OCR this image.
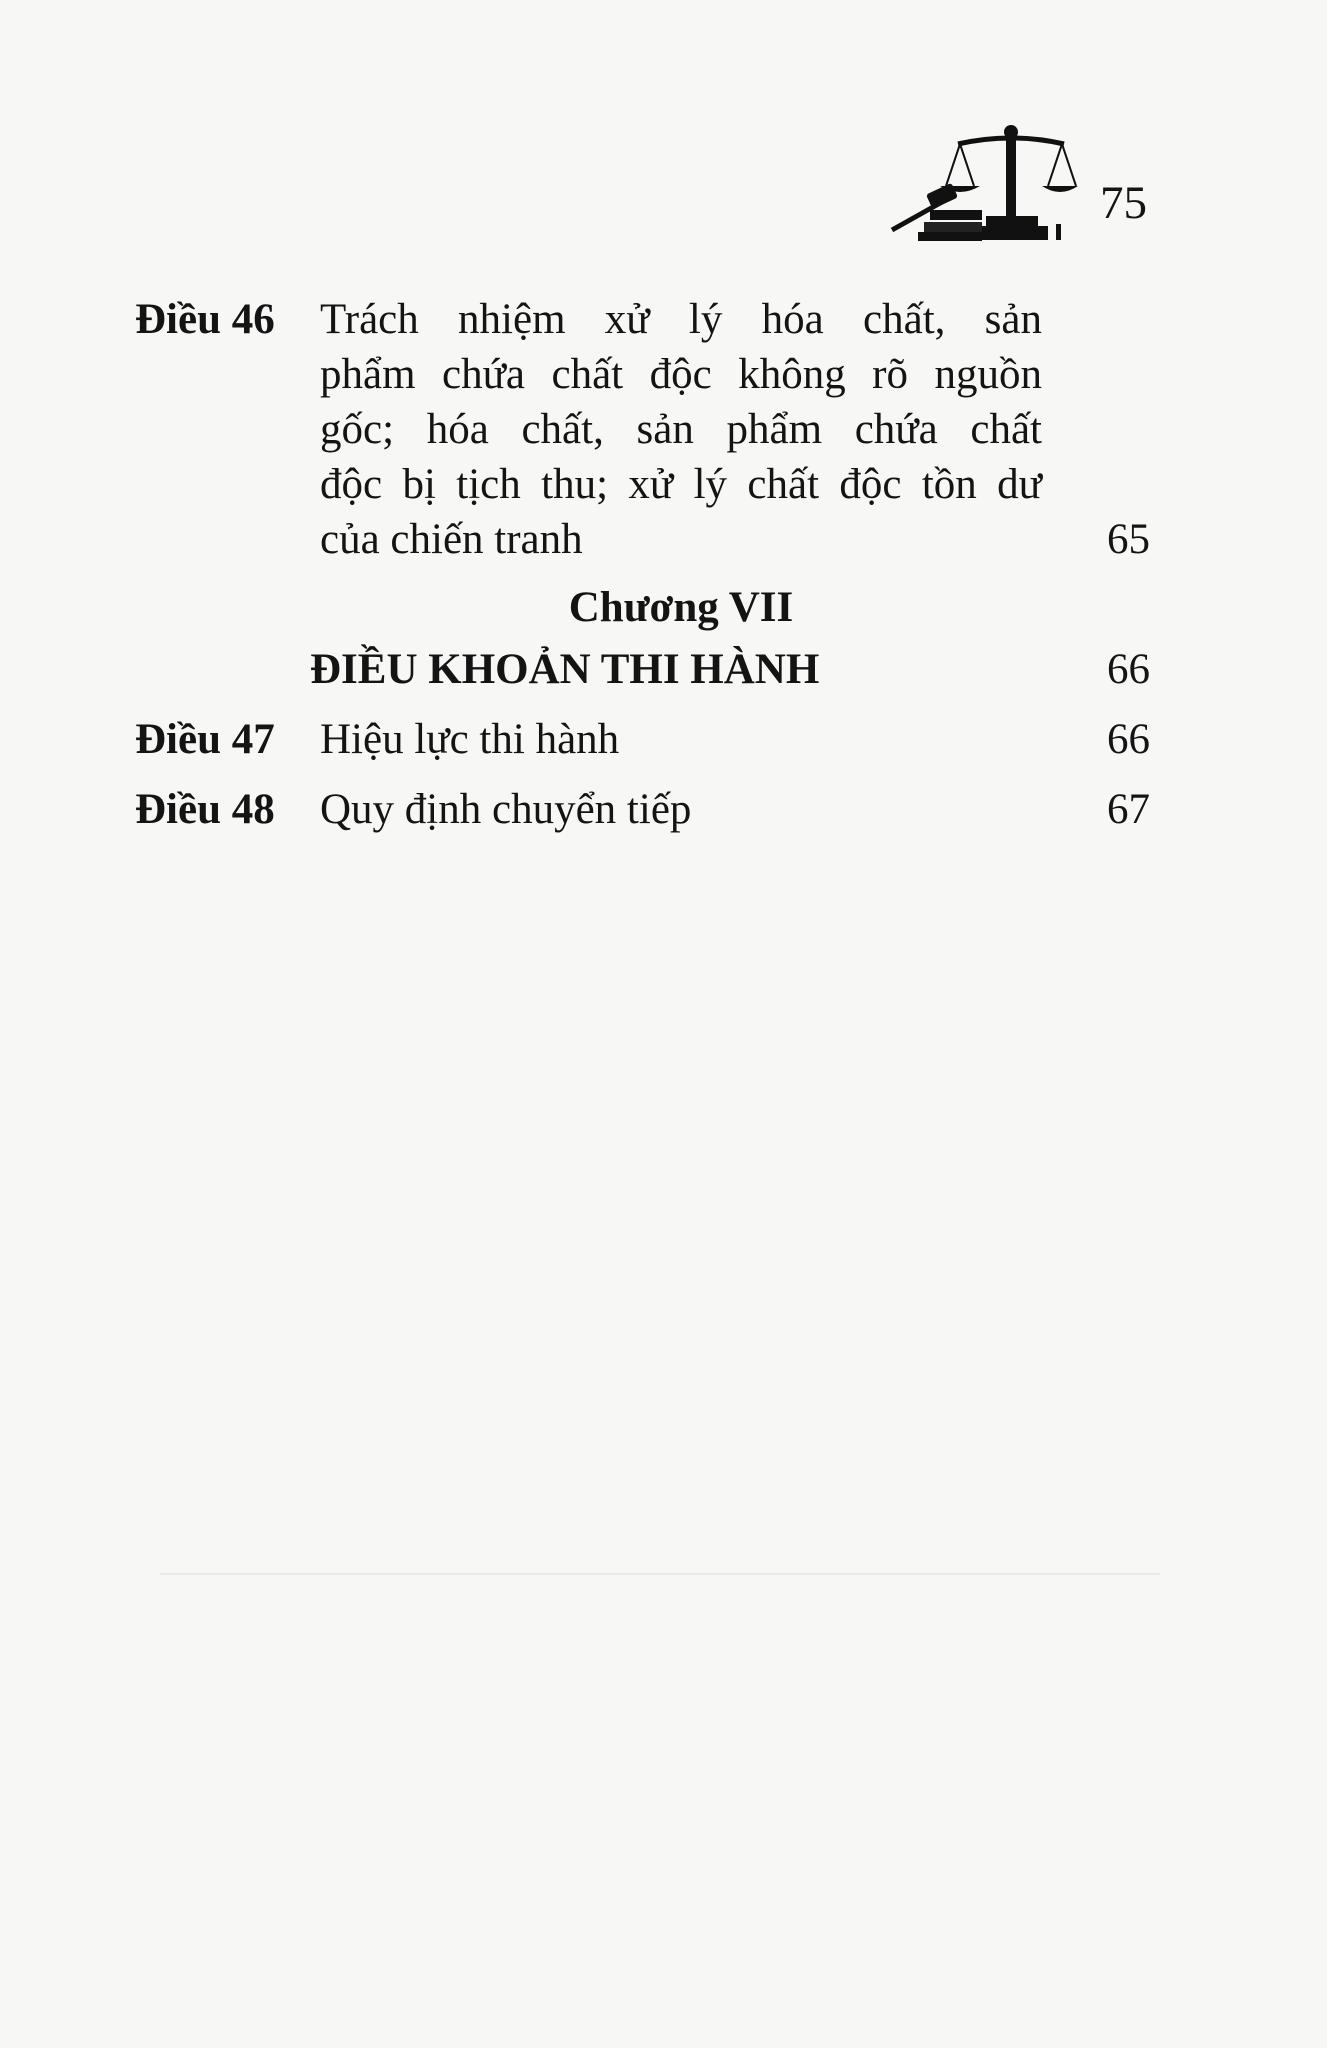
75
Điều 46 Trách nhiệm xử lý hóa chất, sản
phẩm chứa chất độc không rõ nguồn
gốc; hóa chất, sản phẩm chứa chất
độc bị tịch thu; xử lý chất độc tồn dư
của chiến tranh	65
Chương VII
ĐIỀU KHOẢN THI HÀNH	66
Điều 47 Hiệu lực thi hành	66
Điều 48 Quy định chuyển tiếp	67
